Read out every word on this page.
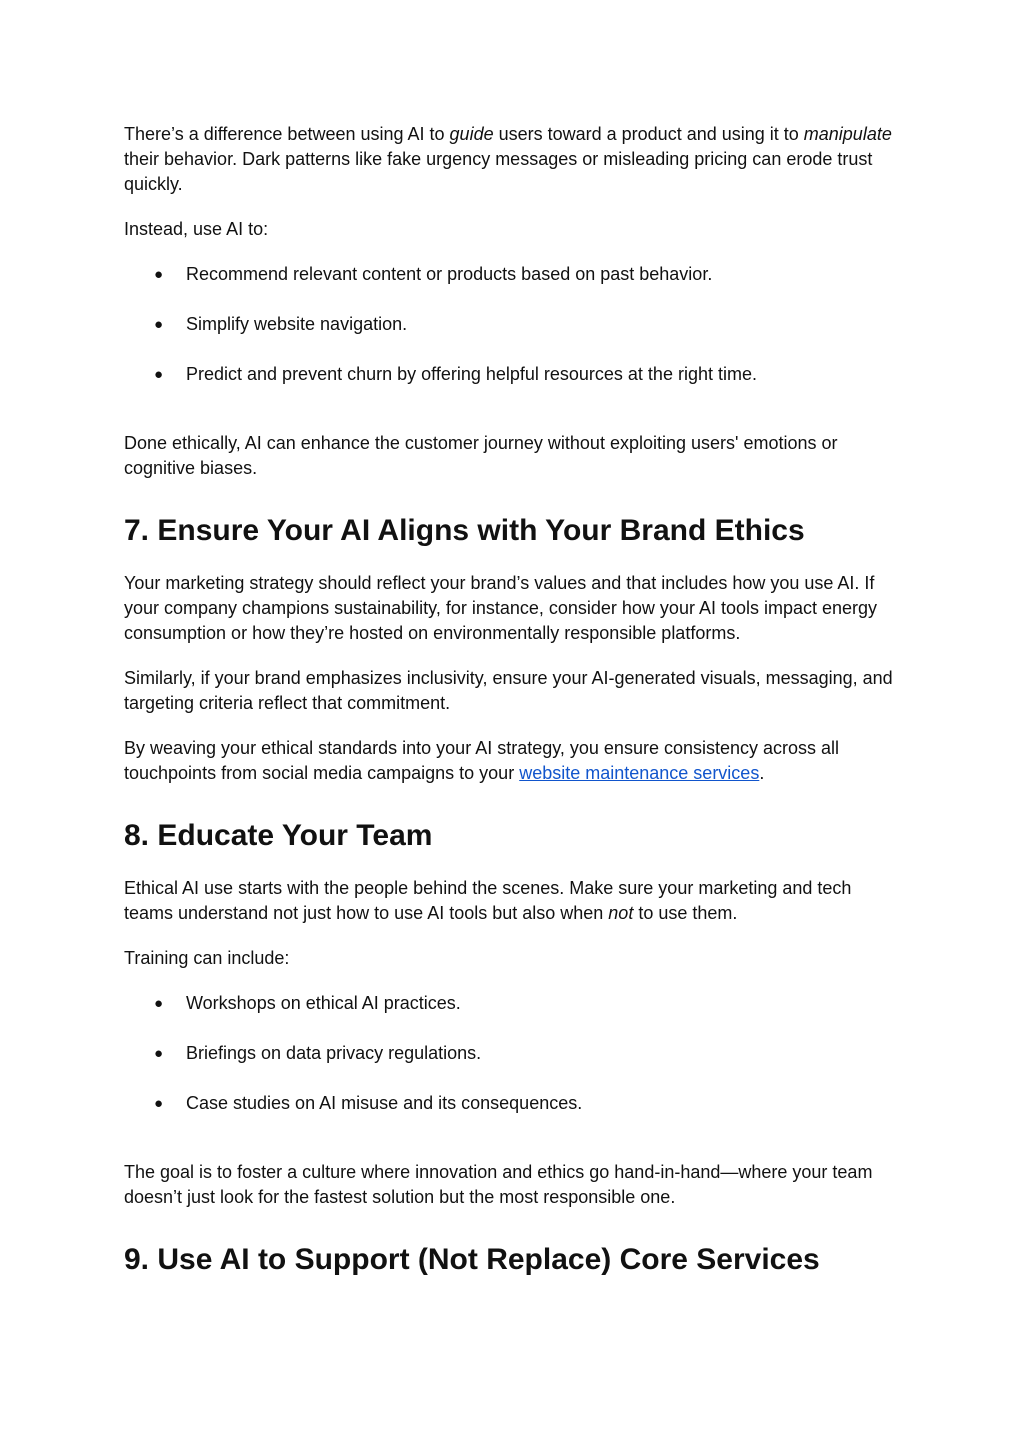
There’s a difference between using AI to guide users toward a product and using it to manipulate their behavior. Dark patterns like fake urgency messages or misleading pricing can erode trust quickly.

Instead, use AI to:

● Recommend relevant content or products based on past behavior.
● Simplify website navigation.
● Predict and prevent churn by offering helpful resources at the right time.

Done ethically, AI can enhance the customer journey without exploiting users' emotions or cognitive biases.

7. Ensure Your AI Aligns with Your Brand Ethics

Your marketing strategy should reflect your brand’s values and that includes how you use AI. If your company champions sustainability, for instance, consider how your AI tools impact energy consumption or how they’re hosted on environmentally responsible platforms.

Similarly, if your brand emphasizes inclusivity, ensure your AI-generated visuals, messaging, and targeting criteria reflect that commitment.

By weaving your ethical standards into your AI strategy, you ensure consistency across all touchpoints from social media campaigns to your website maintenance services.

8. Educate Your Team

Ethical AI use starts with the people behind the scenes. Make sure your marketing and tech teams understand not just how to use AI tools but also when not to use them.

Training can include:

● Workshops on ethical AI practices.
● Briefings on data privacy regulations.
● Case studies on AI misuse and its consequences.

The goal is to foster a culture where innovation and ethics go hand-in-hand—where your team doesn’t just look for the fastest solution but the most responsible one.

9. Use AI to Support (Not Replace) Core Services
